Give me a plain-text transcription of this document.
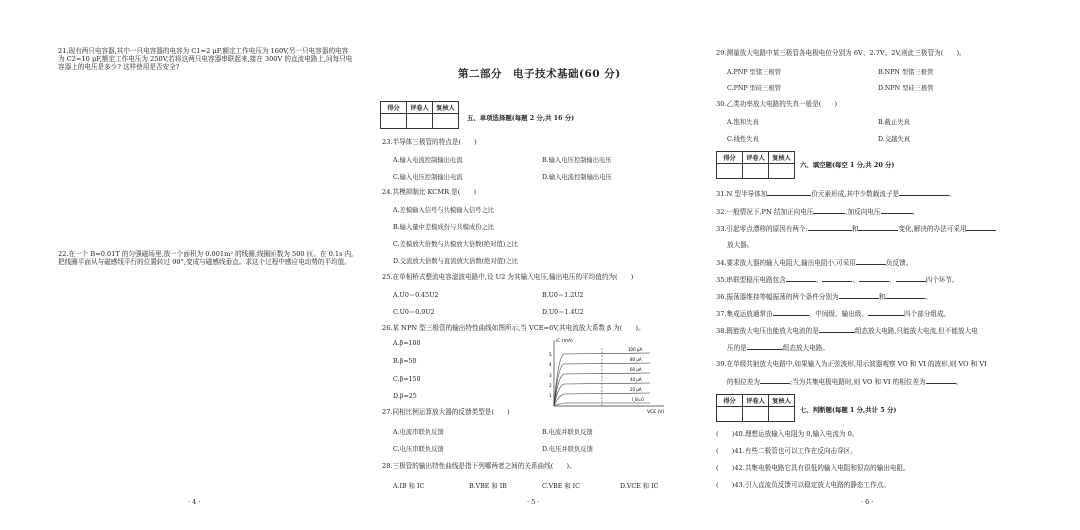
21.现有两只电容器,其中一只电容器的电容为 C1=2 μF,额定工作电压为 160V,另一只电容器的电容为 C2=10 μF,额定工作电压为 250V,若将这两只电容器串联起来,接在 300V 的直流电路上,问每只电容器上的电压是多少? 这样使用是否安全?
22.在一个 B=0.01T 的匀强磁场里,放一个面积为 0.001m² 的线圈,线圈匝数为 500 匝。在 0.1s 内,把线圈平面从与磁感线平行的位置转过 90°,变成与磁感线垂直。求这个过程中感应电动势的平均值。
· 4 ·
第二部分　电子技术基础(60 分)
得分	评卷人	复核人

五、单项选择题(每题 2 分,共 16 分)
23.半导体三极管的特点是(　　)
A.输入电流控制输出电流	B.输入电压控制输出电压
C.输入电压控制输出电流	D.输入电流控制输出电压
24.共模抑制比 KCMR 是(　　)
A.差模输入信号与共模输入信号之比
B.输入量中差模成份与共模成份之比
C.差模放大倍数与共模放大倍数(绝对值)之比
D.交流放大倍数与直流放大倍数(绝对值)之比
25.在单相桥式整流电容滤波电路中,设 U2 为其输入电压,输出电压的平均值约为(　　)
A.U0＝0.45U2	B.U0＝1.2U2
C.U0＝0.9U2	D.U0＝1.4U2
26.某 NPN 型三极管的输出特性曲线如图所示,当 VCE=6V,其电流放大系数 β 为(　　)。
A.β=100
B.β=50
C.β=150
D.β=25
iC (mA)
VCE (V)
5
4
3
2
1
100 μA
80 μA
60 μA
40 μA
20 μA
I_B=0
27.同相比例运算放大器的反馈类型是(　　)
A.电流串联负反馈	B.电流并联负反馈
C.电压串联负反馈	D.电压并联负反馈
28.三极管的输出特性曲线是指下列哪两者之间的关系曲线(　　)。
A.IB 和 IC	B.VBE 和 IB	C.VBE 和 IC	D.VCE 和 IC
· 5 ·
29.测量放大电路中某三极管各电极电位分别为 6V、2.7V、2V,则此三极管为(　　)。
A.PNP 型锗三极管	B.NPN 型锗三极管
C.PNP 型硅三极管	D.NPN 型硅三极管
30.乙类功率放大电路的失真一般是(　　)
A.饱和失真	B.截止失真
C.线性失真	D.交越失真
得分	评卷人	复核人

六、填空题(每空 1 分,共 20 分)
31.N 型半导体加	价元素形成,其中少数载流子是	。
32.一般情况下,PN 结加正向电压	,加反向电压	。
33.引起零点漂移的原因有两个:	和	变化,解决的办法可采用
放大器。
34.要求放大器的输入电阻大,输出电阻小,可采用	负反馈。
35.串联型稳压电路包含	、	、	、	四个环节。
36.振荡器维持等幅振荡的两个条件分别为	和	。
37.集成运放通常由	、中间级、输出级、	四个部分组成。
38.既能放大电压也能放大电流的是	组态放大电路,只能放大电流,但不能放大电
压的是	组态放大电路。
39.在单级共射放大电路中,如果输入为正弦波形,用示波器观察 VO 和 VI 的波形,则 VO 和 VI
的相位差为	;当为共集电极电路时,则 VO 和 VI 的相位差为	。
得分	评卷人	复核人

七、判断题(每题 1 分,共计 5 分)
(　　)40.理想运放输入电阻为 0,输入电流为 0。
(　　)41.有些二极管也可以工作在反向击穿区。
(　　)42.共集电极电路它具有很低的输入电阻和很高的输出电阻。
(　　)43.引入直流负反馈可以稳定放大电路的静态工作点。
· 6 ·
